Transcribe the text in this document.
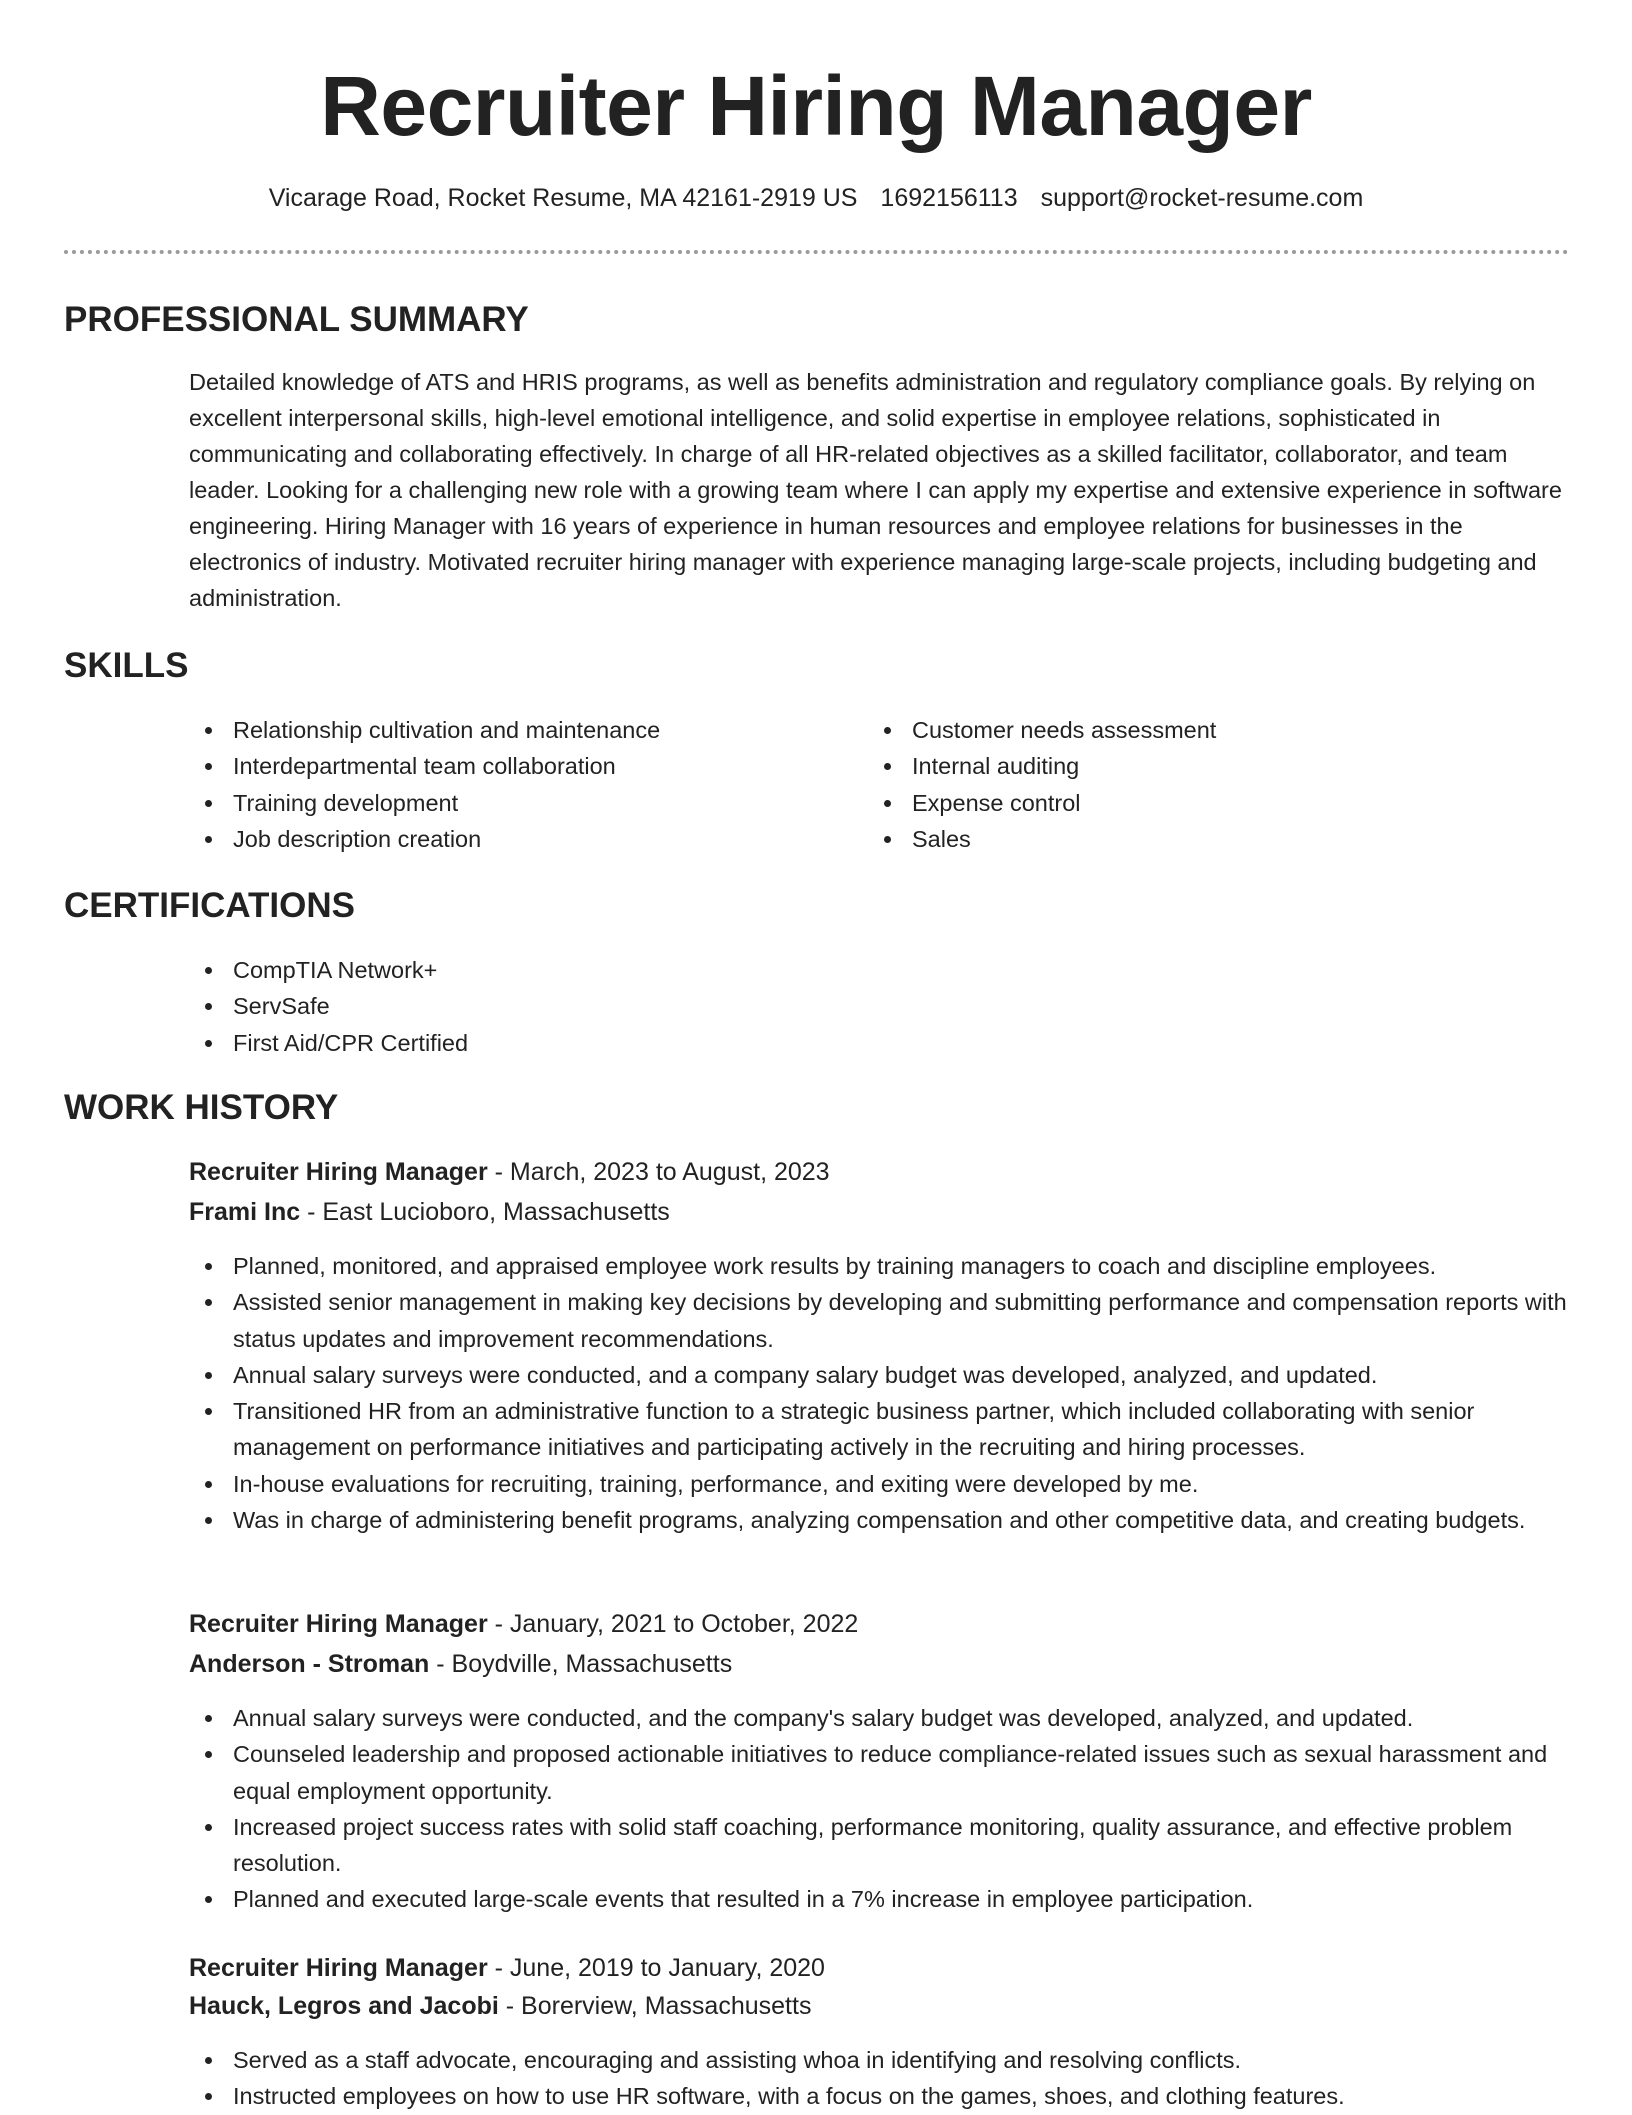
Recruiter Hiring Manager
Vicarage Road, Rocket Resume, MA 42161-2919 US 1692156113 support@rocket-resume.com
PROFESSIONAL SUMMARY

Detailed knowledge of ATS and HRIS programs, as well as benefits administration and regulatory compliance goals. By relying on excellent interpersonal skills, high-level emotional intelligence, and solid expertise in employee relations, sophisticated in communicating and collaborating effectively. In charge of all HR-related objectives as a skilled facilitator, collaborator, and team leader. Looking for a challenging new role with a growing team where I can apply my expertise and extensive experience in software engineering. Hiring Manager with 16 years of experience in human resources and employee relations for businesses in the electronics of industry. Motivated recruiter hiring manager with experience managing large-scale projects, including budgeting and administration.

SKILLS
Relationship cultivation and maintenance
Interdepartmental team collaboration
Training development
Job description creation
Customer needs assessment
Internal auditing
Expense control
Sales
CERTIFICATIONS
CompTIA Network+
ServSafe
First Aid/CPR Certified
WORK HISTORY
Recruiter Hiring Manager - March, 2023 to August, 2023
Frami Inc - East Lucioboro, Massachusetts
Planned, monitored, and appraised employee work results by training managers to coach and discipline employees.
Assisted senior management in making key decisions by developing and submitting performance and compensation reports with status updates and improvement recommendations.
Annual salary surveys were conducted, and a company salary budget was developed, analyzed, and updated.
Transitioned HR from an administrative function to a strategic business partner, which included collaborating with senior management on performance initiatives and participating actively in the recruiting and hiring processes.
In-house evaluations for recruiting, training, performance, and exiting were developed by me.
Was in charge of administering benefit programs, analyzing compensation and other competitive data, and creating budgets.
Recruiter Hiring Manager - January, 2021 to October, 2022
Anderson - Stroman - Boydville, Massachusetts
Annual salary surveys were conducted, and the company's salary budget was developed, analyzed, and updated.
Counseled leadership and proposed actionable initiatives to reduce compliance-related issues such as sexual harassment and equal employment opportunity.
Increased project success rates with solid staff coaching, performance monitoring, quality assurance, and effective problem resolution.
Planned and executed large-scale events that resulted in a 7% increase in employee participation.
Recruiter Hiring Manager - June, 2019 to January, 2020
Hauck, Legros and Jacobi - Borerview, Massachusetts
Served as a staff advocate, encouraging and assisting whoa in identifying and resolving conflicts.
Instructed employees on how to use HR software, with a focus on the games, shoes, and clothing features.
